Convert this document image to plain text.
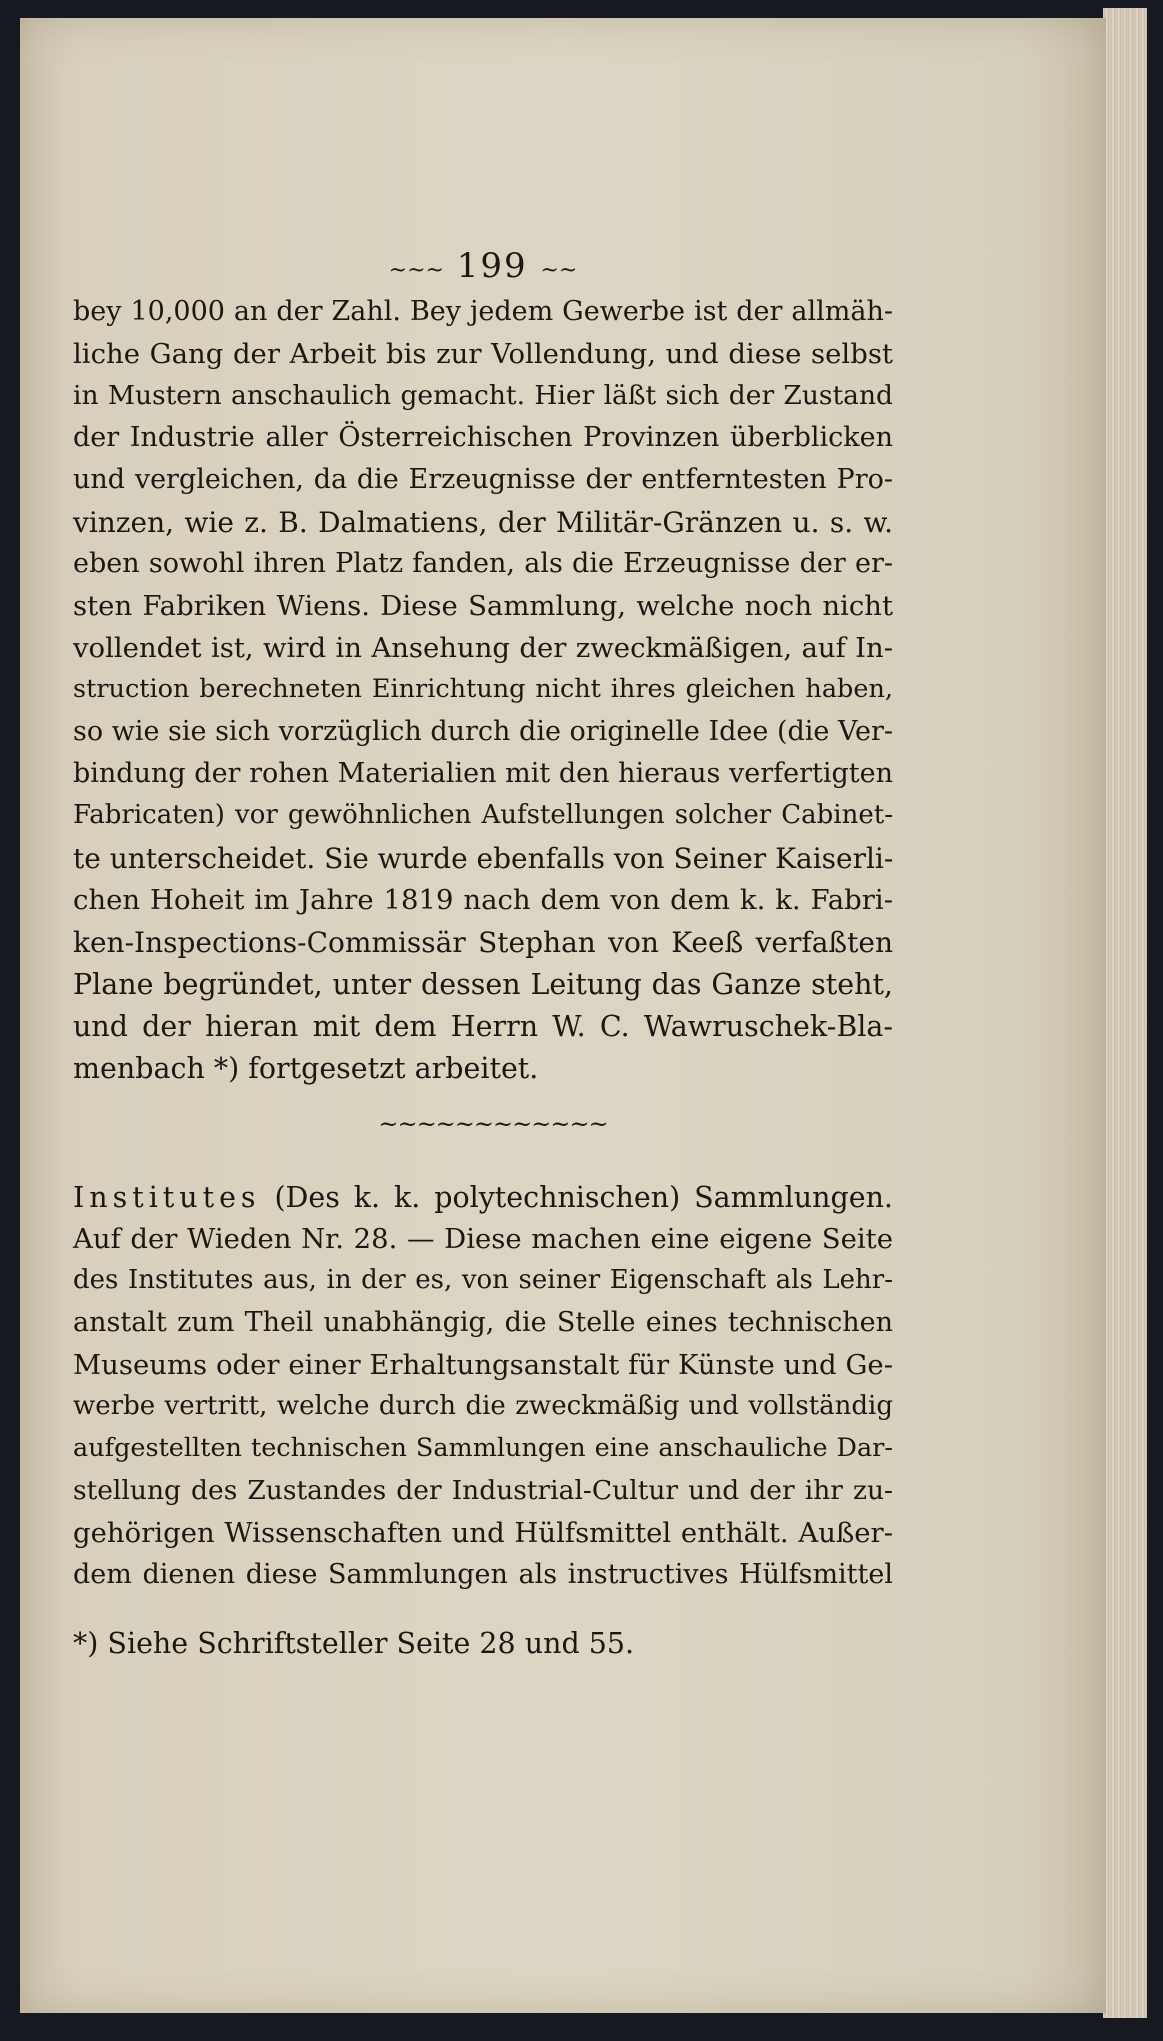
~~~ 199 ~~
bey 10,000 an der Zahl. Bey jedem Gewerbe ist der allmäh-
liche Gang der Arbeit bis zur Vollendung, und diese selbst
in Mustern anschaulich gemacht. Hier läßt sich der Zustand
der Industrie aller Österreichischen Provinzen überblicken
und vergleichen, da die Erzeugnisse der entferntesten Pro-
vinzen, wie z. B. Dalmatiens, der Militär-Gränzen u. s. w.
eben sowohl ihren Platz fanden, als die Erzeugnisse der er-
sten Fabriken Wiens. Diese Sammlung, welche noch nicht
vollendet ist, wird in Ansehung der zweckmäßigen, auf In-
struction berechneten Einrichtung nicht ihres gleichen haben,
so wie sie sich vorzüglich durch die originelle Idee (die Ver-
bindung der rohen Materialien mit den hieraus verfertigten
Fabricaten) vor gewöhnlichen Aufstellungen solcher Cabinet-
te unterscheidet. Sie wurde ebenfalls von Seiner Kaiserli-
chen Hoheit im Jahre 1819 nach dem von dem k. k. Fabri-
ken-Inspections-Commissär Stephan von Keeß verfaßten
Plane begründet, unter dessen Leitung das Ganze steht,
und der hieran mit dem Herrn W. C. Wawruschek-Bla-
menbach *) fortgesetzt arbeitet.
~~~~~~~~~~~~
Institutes (Des k. k. polytechnischen) Sammlungen.
Auf der Wieden Nr. 28. — Diese machen eine eigene Seite
des Institutes aus, in der es, von seiner Eigenschaft als Lehr-
anstalt zum Theil unabhängig, die Stelle eines technischen
Museums oder einer Erhaltungsanstalt für Künste und Ge-
werbe vertritt, welche durch die zweckmäßig und vollständig
aufgestellten technischen Sammlungen eine anschauliche Dar-
stellung des Zustandes der Industrial-Cultur und der ihr zu-
gehörigen Wissenschaften und Hülfsmittel enthält. Außer-
dem dienen diese Sammlungen als instructives Hülfsmittel
*) Siehe Schriftsteller Seite 28 und 55.
